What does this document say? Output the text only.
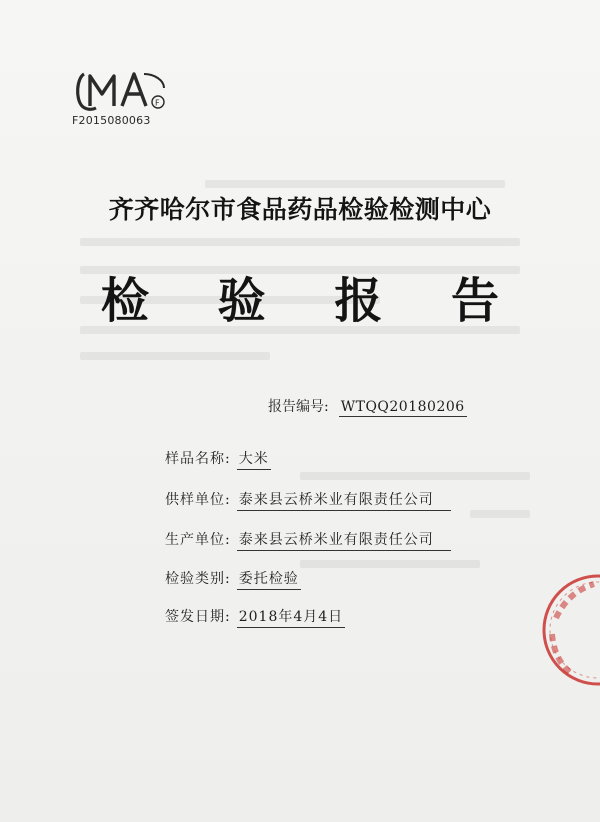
F
F2015080063
齐齐哈尔市食品药品检验检测中心
检 验 报 告
报告编号: WTQQ20180206
样品名称: 大米
供样单位: 泰来县云桥米业有限责任公司
生产单位: 泰来县云桥米业有限责任公司
检验类别: 委托检验
签发日期: 2018年4月4日
